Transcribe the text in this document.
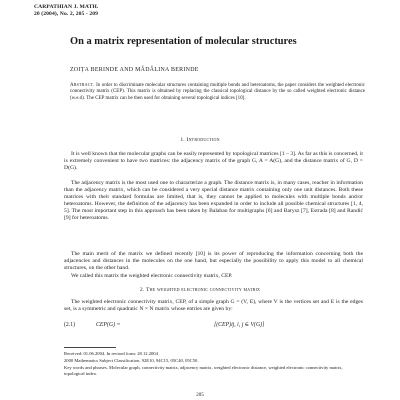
CARPATHIAN J. MATH.
20 (2004), No. 2, 205 - 209
On a matrix representation of molecular structures
ZOIȚA BERINDE AND MĂDĂLINA BERINDE
Abstract. In order to discriminate molecular structures containing multiple bonds and heteroatoms, the paper considers the weighted electronic connectivity matrix (CEP). This matrix is obtained by replacing the classical topological distance by the so called weighted electronic distance (w.e.d). The CEP matrix can be then used for obtaining several topological indices [10].
1. Introduction
It is well known that the molecular graphs can be easily represented by topological matrices [1 – 3]. As far as this is concerned, it is extremely convenient to have two matrices: the adjacency matrix of the graph G, A = A(G), and the distance matrix of G, D = D(G).
The adjacency matrix is the most used one to characterize a graph. The distance matrix is, in many cases, reacher in information than the adjacency matrix, which can be considered a very special distance matrix containing only one unit distances. Both these matrices with their standard formulas are limited, that is, they cannot be applied to molecules with multiple bonds and/or heteroatoms. However, the definition of the adjacency has been expanded in order to include all possible chemical structures [1, 4, 5]. The most important step in this approach has been taken by Balaban for multigraphs [6] and Barysz [7], Estrada [8] and Randić [9] for heteroatoms.
The main merit of the matrix we defined recently [10] is its power of reproducing the information concerning both the adjacencies and distances in the molecules on the one hand, but especially the possibility to apply this model to all chemical structures, on the other hand.
We called this matrix the weighted electronic connectivity matrix, CEP.
2. The weighted electronic connectivity matrix
The weighted electronic connectivity matrix, CEP, of a simple graph G = (V, E), where V is the vertices set and E is the edges set, is a symmetric and quadratic N × N matrix whose entries are given by:
(2.1)	CEP(G) =	[(CEP)ij, i, j ∈ V(G)]
Received: 01.06.2004. In revised form: 28.12.2004
2000 Mathematics Subject Classification. 92E10, 94C15, 05C40, 05C50.
Key words and phrases. Molecular graph, connectivity matrix, adjacency matrix, weighted electronic distance, weighted electronic connectivity matrix, topological index.
205
